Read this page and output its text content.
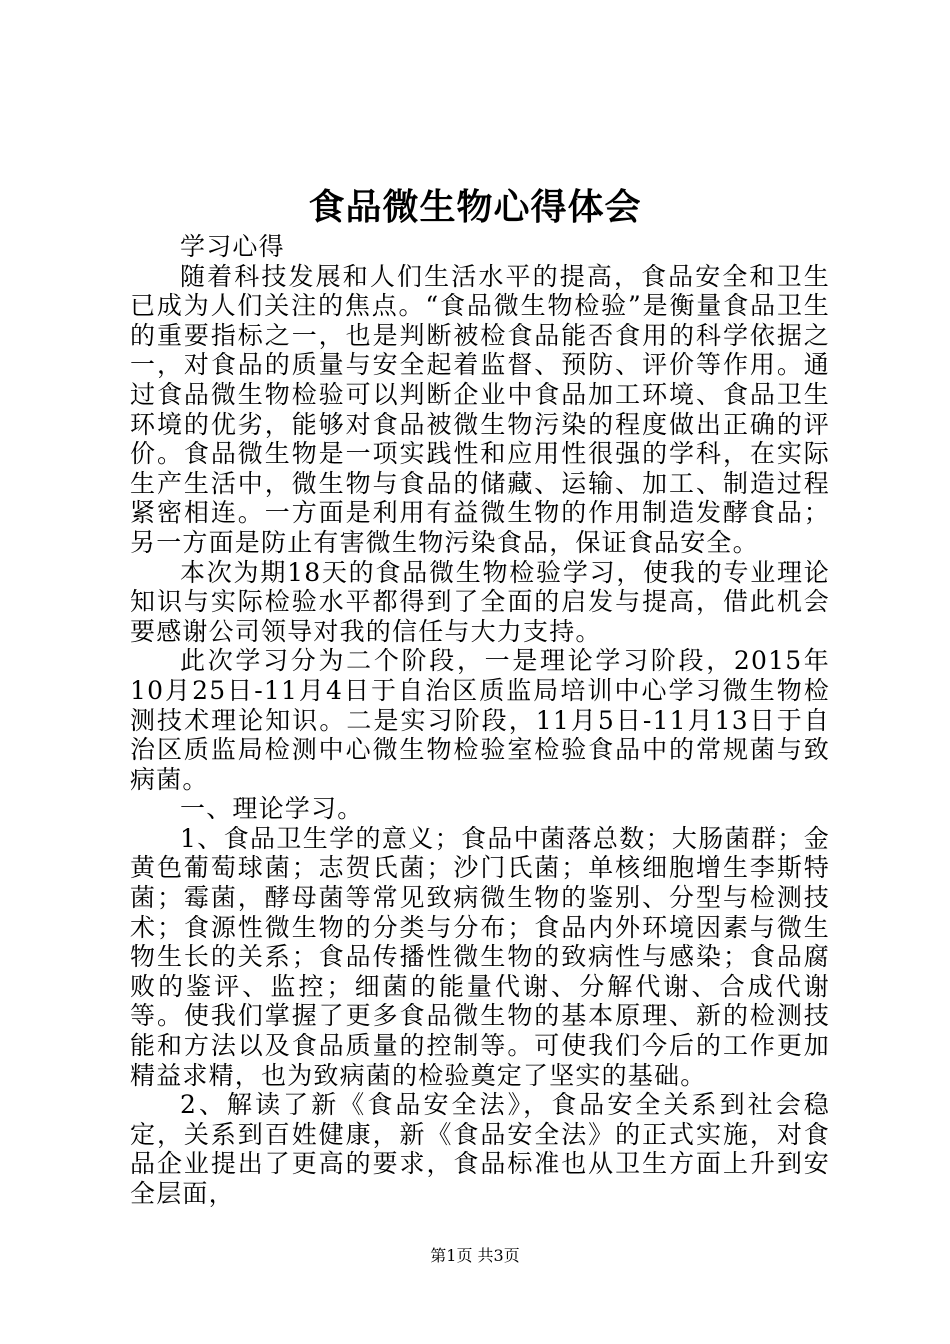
食品微生物心得体会

学习心得

随着科技发展和人们生活水平的提高，食品安全和卫生已成为人们关注的焦点。“食品微生物检验”是衡量食品卫生的重要指标之一，也是判断被检食品能否食用的科学依据之一，对食品的质量与安全起着监督、预防、评价等作用。通过食品微生物检验可以判断企业中食品加工环境、食品卫生环境的优劣，能够对食品被微生物污染的程度做出正确的评价。食品微生物是一项实践性和应用性很强的学科，在实际生产生活中，微生物与食品的储藏、运输、加工、制造过程紧密相连。一方面是利用有益微生物的作用制造发酵食品；另一方面是防止有害微生物污染食品，保证食品安全。

本次为期18天的食品微生物检验学习，使我的专业理论知识与实际检验水平都得到了全面的启发与提高，借此机会要感谢公司领导对我的信任与大力支持。

此次学习分为二个阶段，一是理论学习阶段，2015年10月25日-11月4日于自治区质监局培训中心学习微生物检测技术理论知识。二是实习阶段，11月5日-11月13日于自治区质监局检测中心微生物检验室检验食品中的常规菌与致病菌。

一、理论学习。

1、食品卫生学的意义；食品中菌落总数；大肠菌群；金黄色葡萄球菌；志贺氏菌；沙门氏菌；单核细胞增生李斯特菌；霉菌，酵母菌等常见致病微生物的鉴别、分型与检测技术；食源性微生物的分类与分布；食品内外环境因素与微生物生长的关系；食品传播性微生物的致病性与感染；食品腐败的鉴评、监控；细菌的能量代谢、分解代谢、合成代谢等。使我们掌握了更多食品微生物的基本原理、新的检测技能和方法以及食品质量的控制等。可使我们今后的工作更加精益求精，也为致病菌的检验奠定了坚实的基础。

2、解读了新《食品安全法》，食品安全关系到社会稳定，关系到百姓健康，新《食品安全法》的正式实施，对食品企业提出了更高的要求，食品标准也从卫生方面上升到安全层面，

第1页 共3页
